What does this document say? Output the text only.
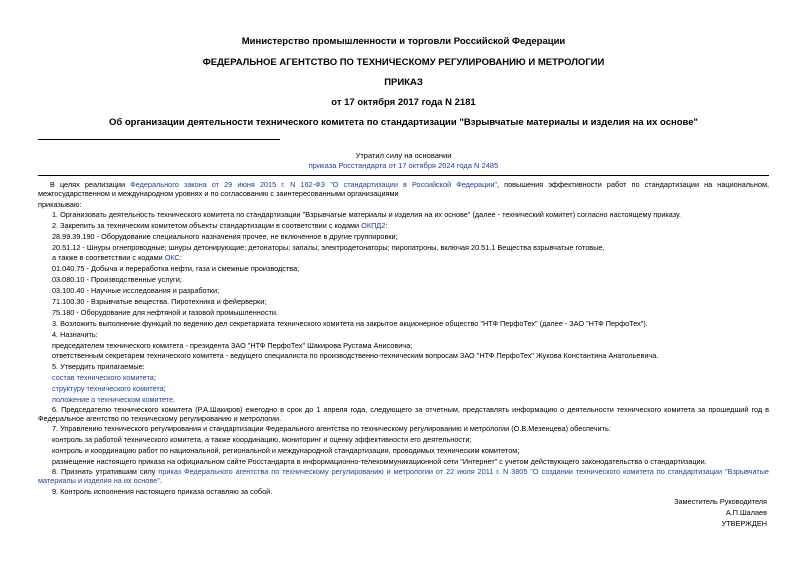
Министерство промышленности и торговли Российской Федерации
ФЕДЕРАЛЬНОЕ АГЕНТСТВО ПО ТЕХНИЧЕСКОМУ РЕГУЛИРОВАНИЮ И МЕТРОЛОГИИ
ПРИКАЗ
от 17 октября 2017 года N 2181
Об организации деятельности технического комитета по стандартизации "Взрывчатые материалы и изделия на их основе"
Утратил силу на основании
приказа Росстандарта от 17 октября 2024 года N 2485
В целях реализации Федерального закона от 29 июня 2015 г. N 162-ФЗ "О стандартизации в Российской Федерации", повышения эффективности работ по стандартизации на национальном, межгосударственном и международном уровнях и по согласованию с заинтересованными организациями
приказываю:
1. Организовать деятельность технического комитета по стандартизации "Взрывчатые материалы и изделия на их основе" (далее - технический комитет) согласно настоящему приказу.
2. Закрепить за техническим комитетом объекты стандартизации в соответствии с кодами ОКПД2:
28.99.39.190 - Оборудование специального назначения прочее, не включенное в другие группировки;
20.51.12 - Шнуры огнепроводные; шнуры детонирующие; детонаторы; запалы; электродетонаторы; пиропатроны, включая 20.51.1 Вещества взрывчатые готовые,
а также в соответствии с кодами ОКС:
01.040.75 - Добыча и переработка нефти, газа и смежные производства;
03.080.10 - Производственные услуги;
03.100.40 - Научные исследования и разработки;
71.100.30 - Взрывчатые вещества. Пиротехника и фейерверки;
75.180 - Оборудование для нефтяной и газовой промышленности.
3. Возложить выполнение функций по ведению дел секретариата технического комитета на закрытое акционерное общество "НТФ ПерфоТех" (далее - ЗАО "НТФ ПерфоТех").
4. Назначить:
председателем технического комитета - президента ЗАО "НТФ ПерфоТех" Шакирова Рустама Анисовича;
ответственным секретарем технического комитета - ведущего специалиста по производственно-техническим вопросам ЗАО "НТФ ПерфоТех" Жукова Константина Анатольевича.
5. Утвердить прилагаемые:
состав технического комитета;
структуру технического комитета;
положение о техническом комитете.
6. Председателю технического комитета (Р.А.Шакиров) ежегодно в срок до 1 апреля года, следующего за отчетным, представлять информацию о деятельности технического комитета за прошедший год в Федеральное агентство по техническому регулированию и метрологии.
7. Управлению технического регулирования и стандартизации Федерального агентства по техническому регулированию и метрологии (О.В.Мезенцева) обеспечить:
контроль за работой технического комитета, а также координацию, мониторинг и оценку эффективности его деятельности;
контроль и координацию работ по национальной, региональной и международной стандартизации, проводимых техническим комитетом;
размещение настоящего приказа на официальном сайте Росстандарта в информационно-телекоммуникационной сети "Интернет" с учетом действующего законодательства о стандартизации.
8. Признать утратившим силу приказ Федерального агентства по техническому регулированию и метрологии от 22 июля 2011 г. N 3805 "О создании технического комитета по стандартизации "Взрывчатые материалы и изделия на их основе".
9. Контроль исполнения настоящего приказа оставляю за собой.
Заместитель Руководителя
А.П.Шалаев
УТВЕРЖДЕН
